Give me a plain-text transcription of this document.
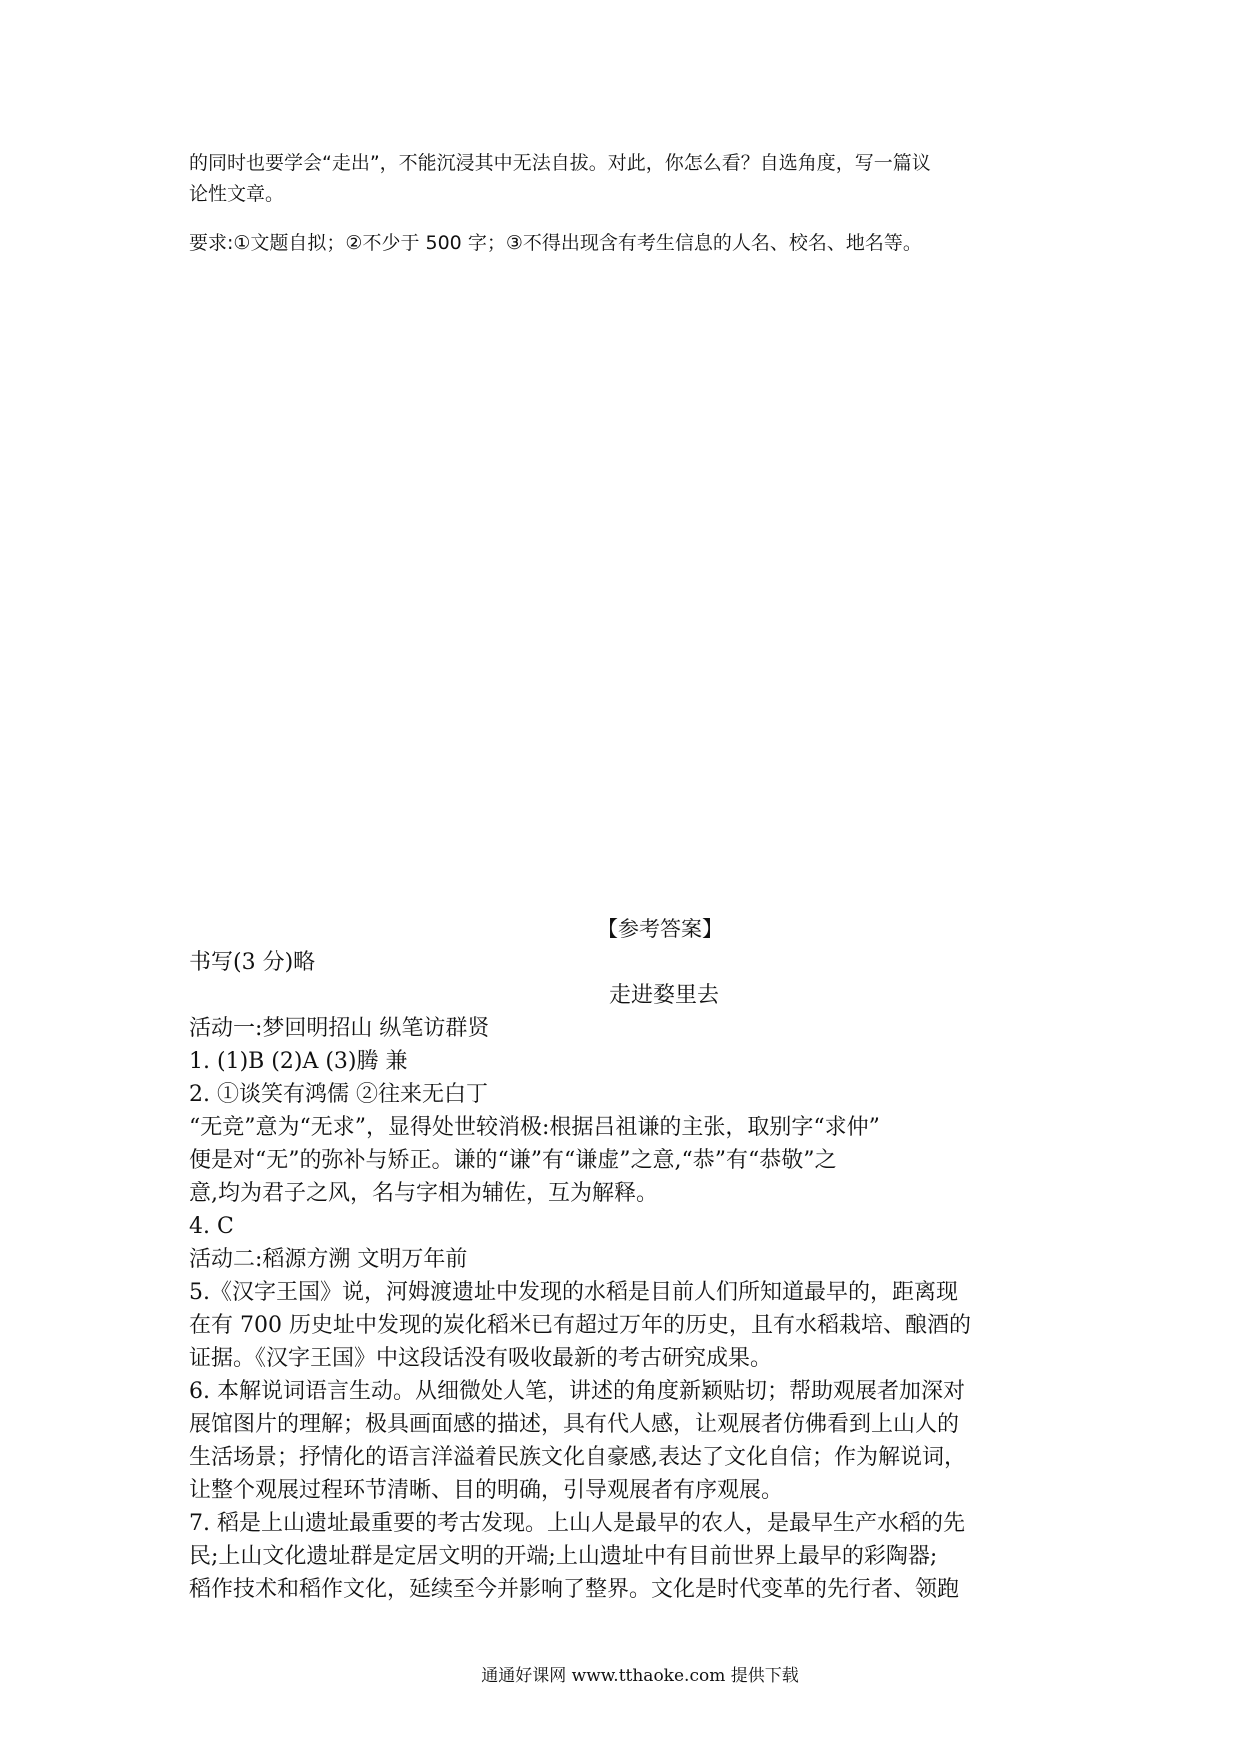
的同时也要学会“走出”，不能沉浸其中无法自拔。对此，你怎么看？自选角度，写一篇议

论性文章。

要求:①文题自拟；②不少于 500 字；③不得出现含有考生信息的人名、校名、地名等。

【参考答案】
书写(3 分)略
走进婺里去
活动一:梦回明招山 纵笔访群贤
1. (1)B (2)A (3)腾 兼
2. ①谈笑有鸿儒 ②往来无白丁
“无竞”意为“无求”，显得处世较消极:根据吕祖谦的主张，取别字“求仲”
便是对“无”的弥补与矫正。谦的“谦”有“谦虚”之意,“恭”有“恭敬”之
意,均为君子之风，名与字相为辅佐，互为解释。
4. C
活动二:稻源方溯 文明万年前
5.《汉字王国》说，河姆渡遗址中发现的水稻是目前人们所知道最早的，距离现
在有 700 历史址中发现的炭化稻米已有超过万年的历史，且有水稻栽培、酿酒的
证据。《汉字王国》中这段话没有吸收最新的考古研究成果。
6. 本解说词语言生动。从细微处人笔，讲述的角度新颖贴切；帮助观展者加深对
展馆图片的理解；极具画面感的描述，具有代人感，让观展者仿佛看到上山人的
生活场景；抒情化的语言洋溢着民族文化自豪感,表达了文化自信；作为解说词，
让整个观展过程环节清晰、目的明确，引导观展者有序观展。
7. 稻是上山遗址最重要的考古发现。上山人是最早的农人，是最早生产水稻的先
民;上山文化遗址群是定居文明的开端;上山遗址中有目前世界上最早的彩陶器;
稻作技术和稻作文化，延续至今并影响了整界。文化是时代变革的先行者、领跑
通通好课网 www.tthaoke.com 提供下载
